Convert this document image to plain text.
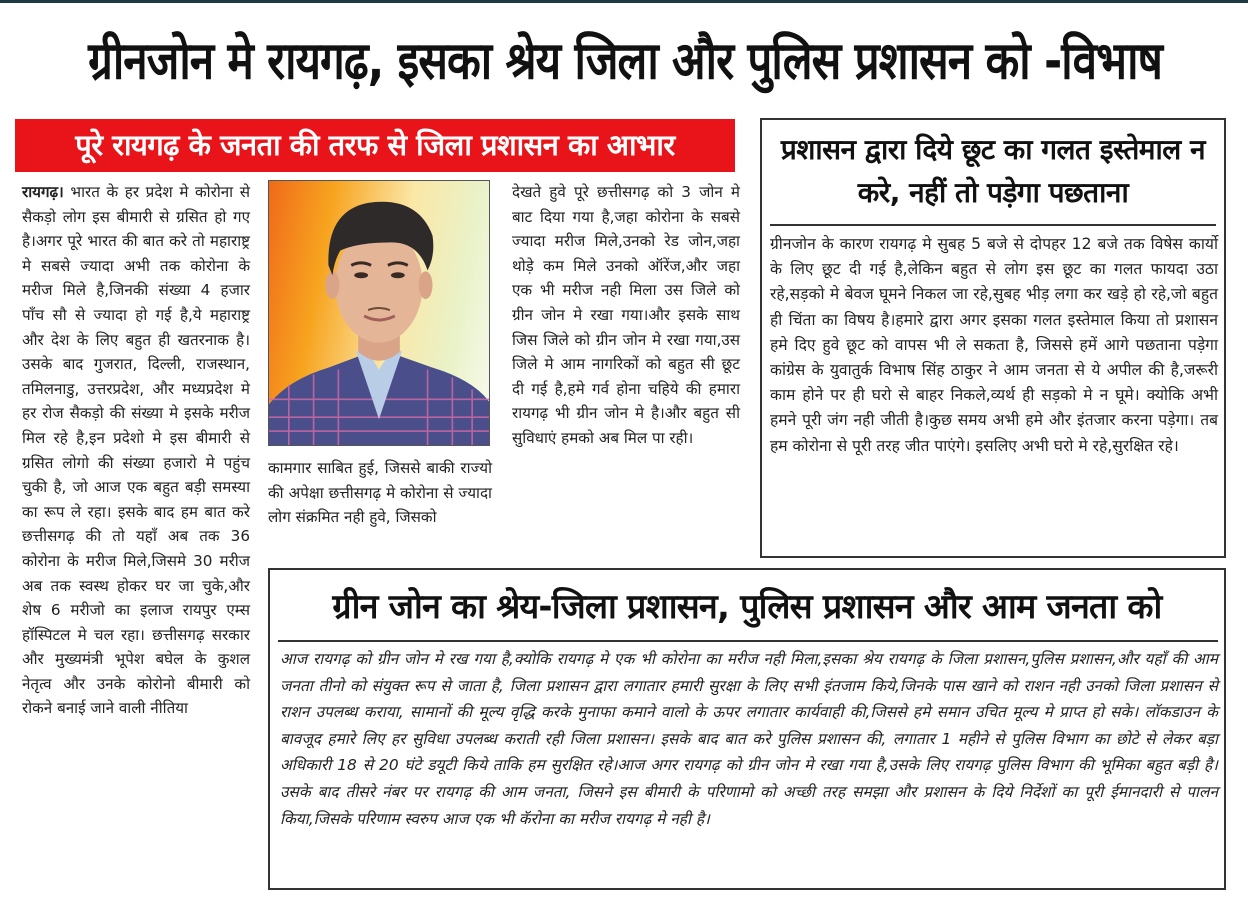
ग्रीनजोन मे रायगढ़, इसका श्रेय जिला और पुलिस प्रशासन को -विभाष
पूरे रायगढ़ के जनता की तरफ से जिला प्रशासन का आभार
रायगढ़। भारत के हर प्रदेश मे कोरोना से सैकड़ो लोग इस बीमारी से ग्रसित हो गए है।अगर पूरे भारत की बात करे तो महाराष्ट्र मे सबसे ज्यादा अभी तक कोरोना के मरीज मिले है,जिनकी संख्या 4 हजार पाँच सौ से ज्यादा हो गई है,ये महाराष्ट्र और देश के लिए बहुत ही खतरनाक है।उसके बाद गुजरात, दिल्ली, राजस्थान, तमिलनाडु, उत्तरप्रदेश, और मध्यप्रदेश मे हर रोज सैकड़ो की संख्या मे इसके मरीज मिल रहे है,इन प्रदेशो मे इस बीमारी से ग्रसित लोगो की संख्या हजारो मे पहुंच चुकी है, जो आज एक बहुत बड़ी समस्या का रूप ले रहा। इसके बाद हम बात करे छत्तीसगढ़ की तो यहाँ अब तक 36 कोरोना के मरीज मिले,जिसमे 30 मरीज अब तक स्वस्थ होकर घर जा चुके,और शेष 6 मरीजो का इलाज रायपुर एम्स हॉस्पिटल मे चल रहा। छत्तीसगढ़ सरकार और मुख्यमंत्री भूपेश बघेल के कुशल नेतृत्व और उनके कोरोनो बीमारी को रोकने बनाई जाने वाली नीतिया
कामगार साबित हुई, जिससे बाकी राज्यो की अपेक्षा छत्तीसगढ़ मे कोरोना से ज्यादा लोग संक्रमित नही हुवे, जिसको
देखते हुवे पूरे छत्तीसगढ़ को 3 जोन मे बाट दिया गया है,जहा कोरोना के सबसे ज्यादा मरीज मिले,उनको रेड जोन,जहा थोड़े कम मिले उनको ऑरेंज,और जहा एक भी मरीज नही मिला उस जिले को ग्रीन जोन मे रखा गया।और इसके साथ जिस जिले को ग्रीन जोन मे रखा गया,उस जिले मे आम नागरिकों को बहुत सी छूट दी गई है,हमे गर्व होना चहिये की हमारा रायगढ़ भी ग्रीन जोन मे है।और बहुत सी सुविधाएं हमको अब मिल पा रही।
प्रशासन द्वारा दिये छूट का गलत इस्तेमाल न करे, नहीं तो पड़ेगा पछताना

ग्रीनजोन के कारण रायगढ़ मे सुबह 5 बजे से दोपहर 12 बजे तक विषेस कार्यो के लिए छूट दी गई है,लेकिन बहुत से लोग इस छूट का गलत फायदा उठा रहे,सड़को मे बेवज घूमने निकल जा रहे,सुबह भीड़ लगा कर खड़े हो रहे,जो बहुत ही चिंता का विषय है।हमारे द्वारा अगर इसका गलत इस्तेमाल किया तो प्रशासन हमे दिए हुवे छूट को वापस भी ले सकता है, जिससे हमें आगे पछताना पड़ेगा कांग्रेस के युवातुर्क विभाष सिंह ठाकुर ने आम जनता से ये अपील की है,जरूरी काम होने पर ही घरो से बाहर निकले,व्यर्थ ही सड़को मे न घूमे। क्योकि अभी हमने पूरी जंग नही जीती है।कुछ समय अभी हमे और इंतजार करना पड़ेगा। तब हम कोरोना से पूरी तरह जीत पाएंगे। इसलिए अभी घरो मे रहे,सुरक्षित रहे।

ग्रीन जोन का श्रेय-जिला प्रशासन, पुलिस प्रशासन और आम जनता को

आज रायगढ़ को ग्रीन जोन मे रख गया है,क्योकि रायगढ़ मे एक भी कोरोना का मरीज नही मिला,इसका श्रेय रायगढ़ के जिला प्रशासन,पुलिस प्रशासन,और यहाँ की आम जनता तीनो को संयुक्त रूप से जाता है, जिला प्रशासन द्वारा लगातार हमारी सुरक्षा के लिए सभी इंतजाम किये,जिनके पास खाने को राशन नही उनको जिला प्रशासन से राशन उपलब्ध कराया, सामानों की मूल्य वृद्धि करके मुनाफा कमाने वालो के ऊपर लगातार कार्यवाही की,जिससे हमे समान उचित मूल्य मे प्राप्त हो सके। लॉकडाउन के बावजूद हमारे लिए हर सुविधा उपलब्ध कराती रही जिला प्रशासन। इसके बाद बात करे पुलिस प्रशासन की, लगातार 1 महीने से पुलिस विभाग का छोटे से लेकर बड़ा अधिकारी 18 से 20 घंटे डयूटी किये ताकि हम सुरक्षित रहे।आज अगर रायगढ़ को ग्रीन जोन मे रखा गया है,उसके लिए रायगढ़ पुलिस विभाग की भूमिका बहुत बड़ी है। उसके बाद तीसरे नंबर पर रायगढ़ की आम जनता, जिसने इस बीमारी के परिणामो को अच्छी तरह समझा और प्रशासन के दिये निर्देशों का पूरी ईमानदारी से पालन किया,जिसके परिणाम स्वरुप आज एक भी कॅरोना का मरीज रायगढ़ मे नही है।
